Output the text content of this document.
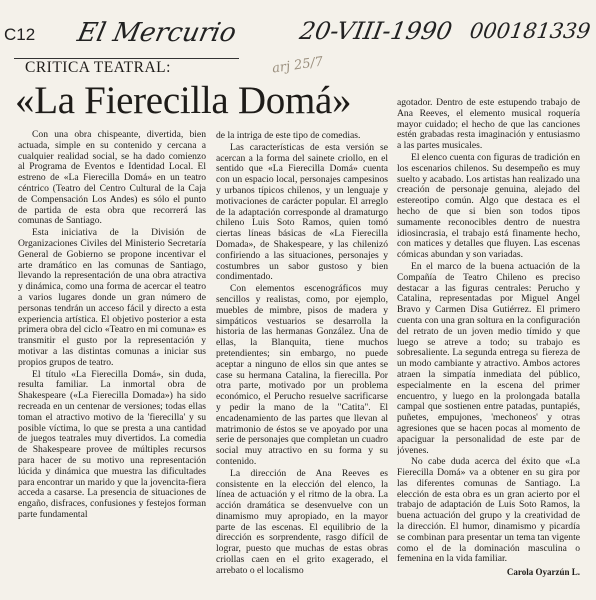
C12 El Mercurio 20-VIII-1990 000181339
arj 25/7
CRITICA TEATRAL:
«La Fierecilla Domá»

Con una obra chispeante, divertida, bien actuada, simple en su contenido y cercana a cualquier realidad social, se ha dado comienzo al Programa de Eventos e Identidad Local. El estreno de «La Fierecilla Domá» en un teatro céntrico (Teatro del Centro Cultural de la Caja de Compensación Los Andes) es sólo el punto de partida de esta obra que recorrerá las comunas de Santiago.

Esta iniciativa de la División de Organizaciones Civiles del Ministerio Secretaría General de Gobierno se propone incentivar el arte dramático en las comunas de Santiago, llevando la representación de una obra atractiva y dinámica, como una forma de acercar el teatro a varios lugares donde un gran número de personas tendrán un acceso fácil y directo a esta experiencia artística. El objetivo posterior a esta primera obra del ciclo «Teatro en mi comuna» es transmitir el gusto por la representación y motivar a las distintas comunas a iniciar sus propios grupos de teatro.

El título «La Fierecilla Domá», sin duda, resulta familiar. La inmortal obra de Shakespeare («La Fierecilla Domada») ha sido recreada en un centenar de versiones; todas ellas toman el atractivo motivo de la 'fierecilla' y su posible víctima, lo que se presta a una cantidad de juegos teatrales muy divertidos. La comedia de Shakespeare provee de múltiples recursos para hacer de su motivo una representación lúcida y dinámica que muestra las dificultades para encontrar un marido y que la jovencita-fiera acceda a casarse. La presencia de situaciones de engaño, disfraces, confusiones y festejos forman parte fundamental

de la intriga de este tipo de comedias.

Las características de esta versión se acercan a la forma del sainete criollo, en el sentido que «La Fierecilla Domá» cuenta con un espacio local, personajes campesinos y urbanos típicos chilenos, y un lenguaje y motivaciones de carácter popular. El arreglo de la adaptación corresponde al dramaturgo chileno Luis Soto Ramos, quien tomó ciertas líneas básicas de «La Fierecilla Domada», de Shakespeare, y las chilenizó confiriendo a las situaciones, personajes y costumbres un sabor gustoso y bien condimentado.

Con elementos escenográficos muy sencillos y realistas, como, por ejemplo, muebles de mimbre, pisos de madera y simpáticos vestuarios se desarrolla la historia de las hermanas González. Una de ellas, la Blanquita, tiene muchos pretendientes; sin embargo, no puede aceptar a ninguno de ellos sin que antes se case su hermana Catalina, la fierecilla. Por otra parte, motivado por un problema económico, el Peruchо resuelve sacrificarse y pedir la mano de la "Catita". El encadenamiento de las partes que llevan al matrimonio de éstos se ve apoyado por una serie de personajes que completan un cuadro social muy atractivo en su forma y su contenido.

La dirección de Ana Reeves es consistente en la elección del elenco, la línea de actuación y el ritmo de la obra. La acción dramática se desenvuelve con un dinamismo muy apropiado, en la mayor parte de las escenas. El equilibrio de la dirección es sorprendente, rasgo difícil de lograr, puesto que muchas de estas obras criollas caen en el grito exagerado, el arrebato o el localismo

agotador. Dentro de este estupendo trabajo de Ana Reeves, el elemento musical roquería mayor cuidado; el hecho de que las canciones estén grabadas resta imaginación y entusiasmo a las partes musicales.

El elenco cuenta con figuras de tradición en los escenarios chilenos. Su desempeño es muy suelto y acabado. Los artistas han realizado una creación de personaje genuina, alejado del estereotipo común. Algo que destaca es el hecho de que si bien son todos tipos sumamente reconocibles dentro de nuestra idiosincrasia, el trabajo está finamente hecho, con matices y detalles que fluyen. Las escenas cómicas abundan y son variadas.

En el marco de la buena actuación de la Compañía de Teatro Chileno es preciso destacar a las figuras centrales: Perucho y Catalina, representadas por Miguel Angel Bravo y Carmen Disa Gutiérrez. El primero cuenta con una gran soltura en la configuración del retrato de un joven medio tímido y que luego se atreve a todo; su trabajo es sobresaliente. La segunda entrega su fiereza de un modo cambiante y atractivo. Ambos actores atraen la simpatía inmediata del público, especialmente en la escena del primer encuentro, y luego en la prolongada batalla campal que sostienen entre patadas, puntapiés, puñetes, empujones, 'mechoneos' y otras agresiones que se hacen pocas al momento de apaciguar la personalidad de este par de jóvenes.

No cabe duda acerca del éxito que «La Fierecilla Domá» va a obtener en su gira por las diferentes comunas de Santiago. La elección de esta obra es un gran acierto por el trabajo de adaptación de Luis Soto Ramos, la buena actuación del grupo y la creatividad de la dirección. El humor, dinamismo y picardía se combinan para presentar un tema tan vigente como el de la dominación masculina o femenina en la vida familiar.

Carola Oyarzún L.
